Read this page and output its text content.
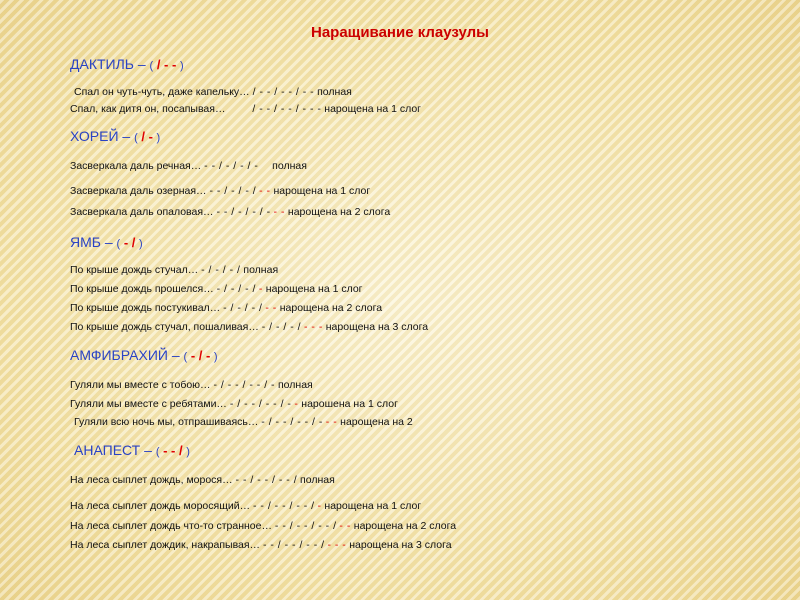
Наращивание клаузулы
ДАКТИЛЬ – ( / - - )
Спал он чуть-чуть, даже капельку… / - - / - - / - - полная
Спал, как дитя он, посапывая…	/ - - / - - / - - - нарощена на 1 слог
ХОРЕЙ – ( / - )
Засверкала даль речная… - - / - / - / - полная
Засверкала даль озерная… - - / - / - / - - нарощена на 1 слог
Засверкала даль опаловая… - - / - / - / - - - нарощена на 2 слога
ЯМБ – ( - / )
По крыше дождь стучал… - / - / - / полная
По крыше дождь прошелся… - / - / - / - нарощена на 1 слог
По крыше дождь постукивал… - / - / - / - - нарощена на 2 слога
По крыше дождь стучал, пошаливая… - / - / - / - - - нарощена на 3 слога
АМФИБРАХИЙ – ( - / - )
Гуляли мы вместе с тобою… - / - - / - - / - полная
Гуляли мы вместе с ребятами… - / - - / - - / - - нарошена на 1 слог
Гуляли всю ночь мы, отпрашиваясь… - / - - / - - / - - - нарощена на 2
АНАПЕСТ – ( - - / )
На леса сыплет дождь, морося… - - / - - / - - / полная
На леса сыплет дождь моросящий… - - / - - / - - / - нарощена на 1 слог
На леса сыплет дождь что-то странное… - - / - - / - - / - - нарощена на 2 слога
На леса сыплет дождик, накрапывая… - - / - - / - - / - - - нарощена на 3 слога
